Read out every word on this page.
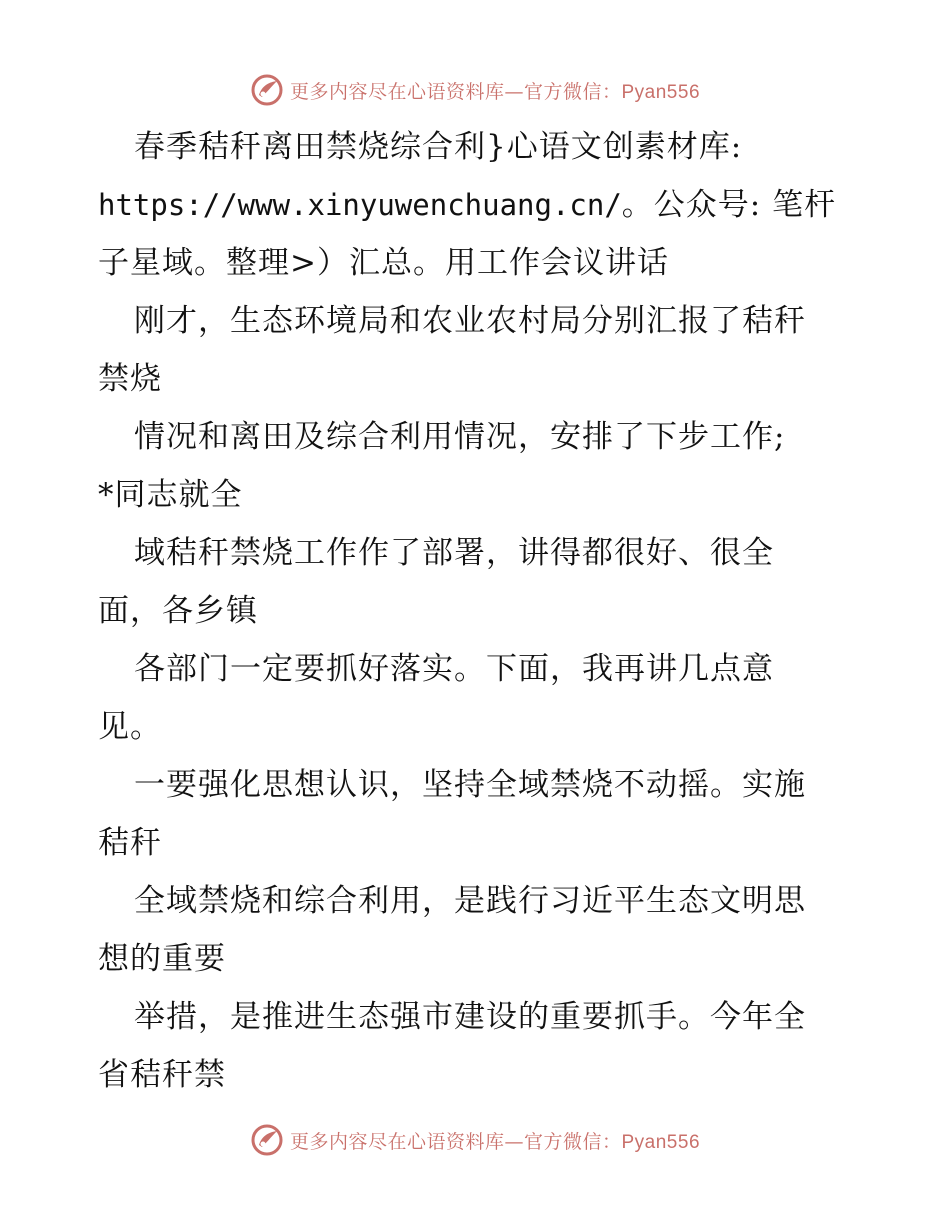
更多内容尽在心语资料库—官方微信：Pyan556
春季秸秆离田禁烧综合利}心语文创素材库:
https://www.xinyuwenchuang.cn/。公众号: 笔杆
子星域。整理>）汇总。用工作会议讲话
刚才，生态环境局和农业农村局分别汇报了秸秆
禁烧
情况和离田及综合利用情况，安排了下步工作;
*同志就全
域秸秆禁烧工作作了部署，讲得都很好、很全
面，各乡镇
各部门一定要抓好落实。下面，我再讲几点意
见。
一要强化思想认识，坚持全域禁烧不动摇。实施
秸秆
全域禁烧和综合利用，是践行习近平生态文明思
想的重要
举措，是推进生态强市建设的重要抓手。今年全
省秸秆禁
更多内容尽在心语资料库—官方微信：Pyan556
